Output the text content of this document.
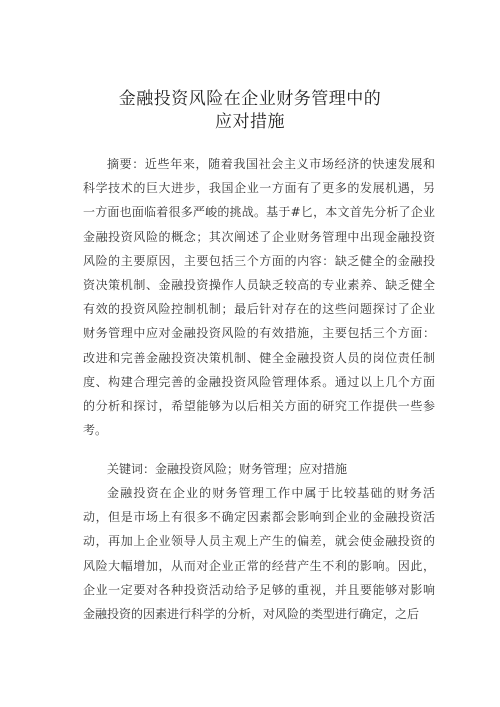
金融投资风险在企业财务管理中的
应对措施
摘要：近些年来，随着我国社会主义市场经济的快速发展和
科学技术的巨大进步，我国企业一方面有了更多的发展机遇，另
一方面也面临着很多严峻的挑战。基于#匕，本文首先分析了企业
金融投资风险的概念；其次阐述了企业财务管理中出现金融投资
风险的主要原因，主要包括三个方面的内容：缺乏健全的金融投
资决策机制、金融投资操作人员缺乏较高的专业素养、缺乏健全
有效的投资风险控制机制；最后针对存在的这些问题探讨了企业
财务管理中应对金融投资风险的有效措施，主要包括三个方面：
改进和完善金融投资决策机制、健全金融投资人员的岗位责任制
度、构建合理完善的金融投资风险管理体系。通过以上几个方面
的分析和探讨，希望能够为以后相关方面的研究工作提供一些参
考。
关键词：金融投资风险；财务管理；应对措施
金融投资在企业的财务管理工作中属于比较基础的财务活
动，但是市场上有很多不确定因素都会影响到企业的金融投资活
动，再加上企业领导人员主观上产生的偏差，就会使金融投资的
风险大幅增加，从而对企业正常的经营产生不利的影响。因此，
企业一定要对各种投资活动给予足够的重视，并且要能够对影响
金融投资的因素进行科学的分析，对风险的类型进行确定，之后
